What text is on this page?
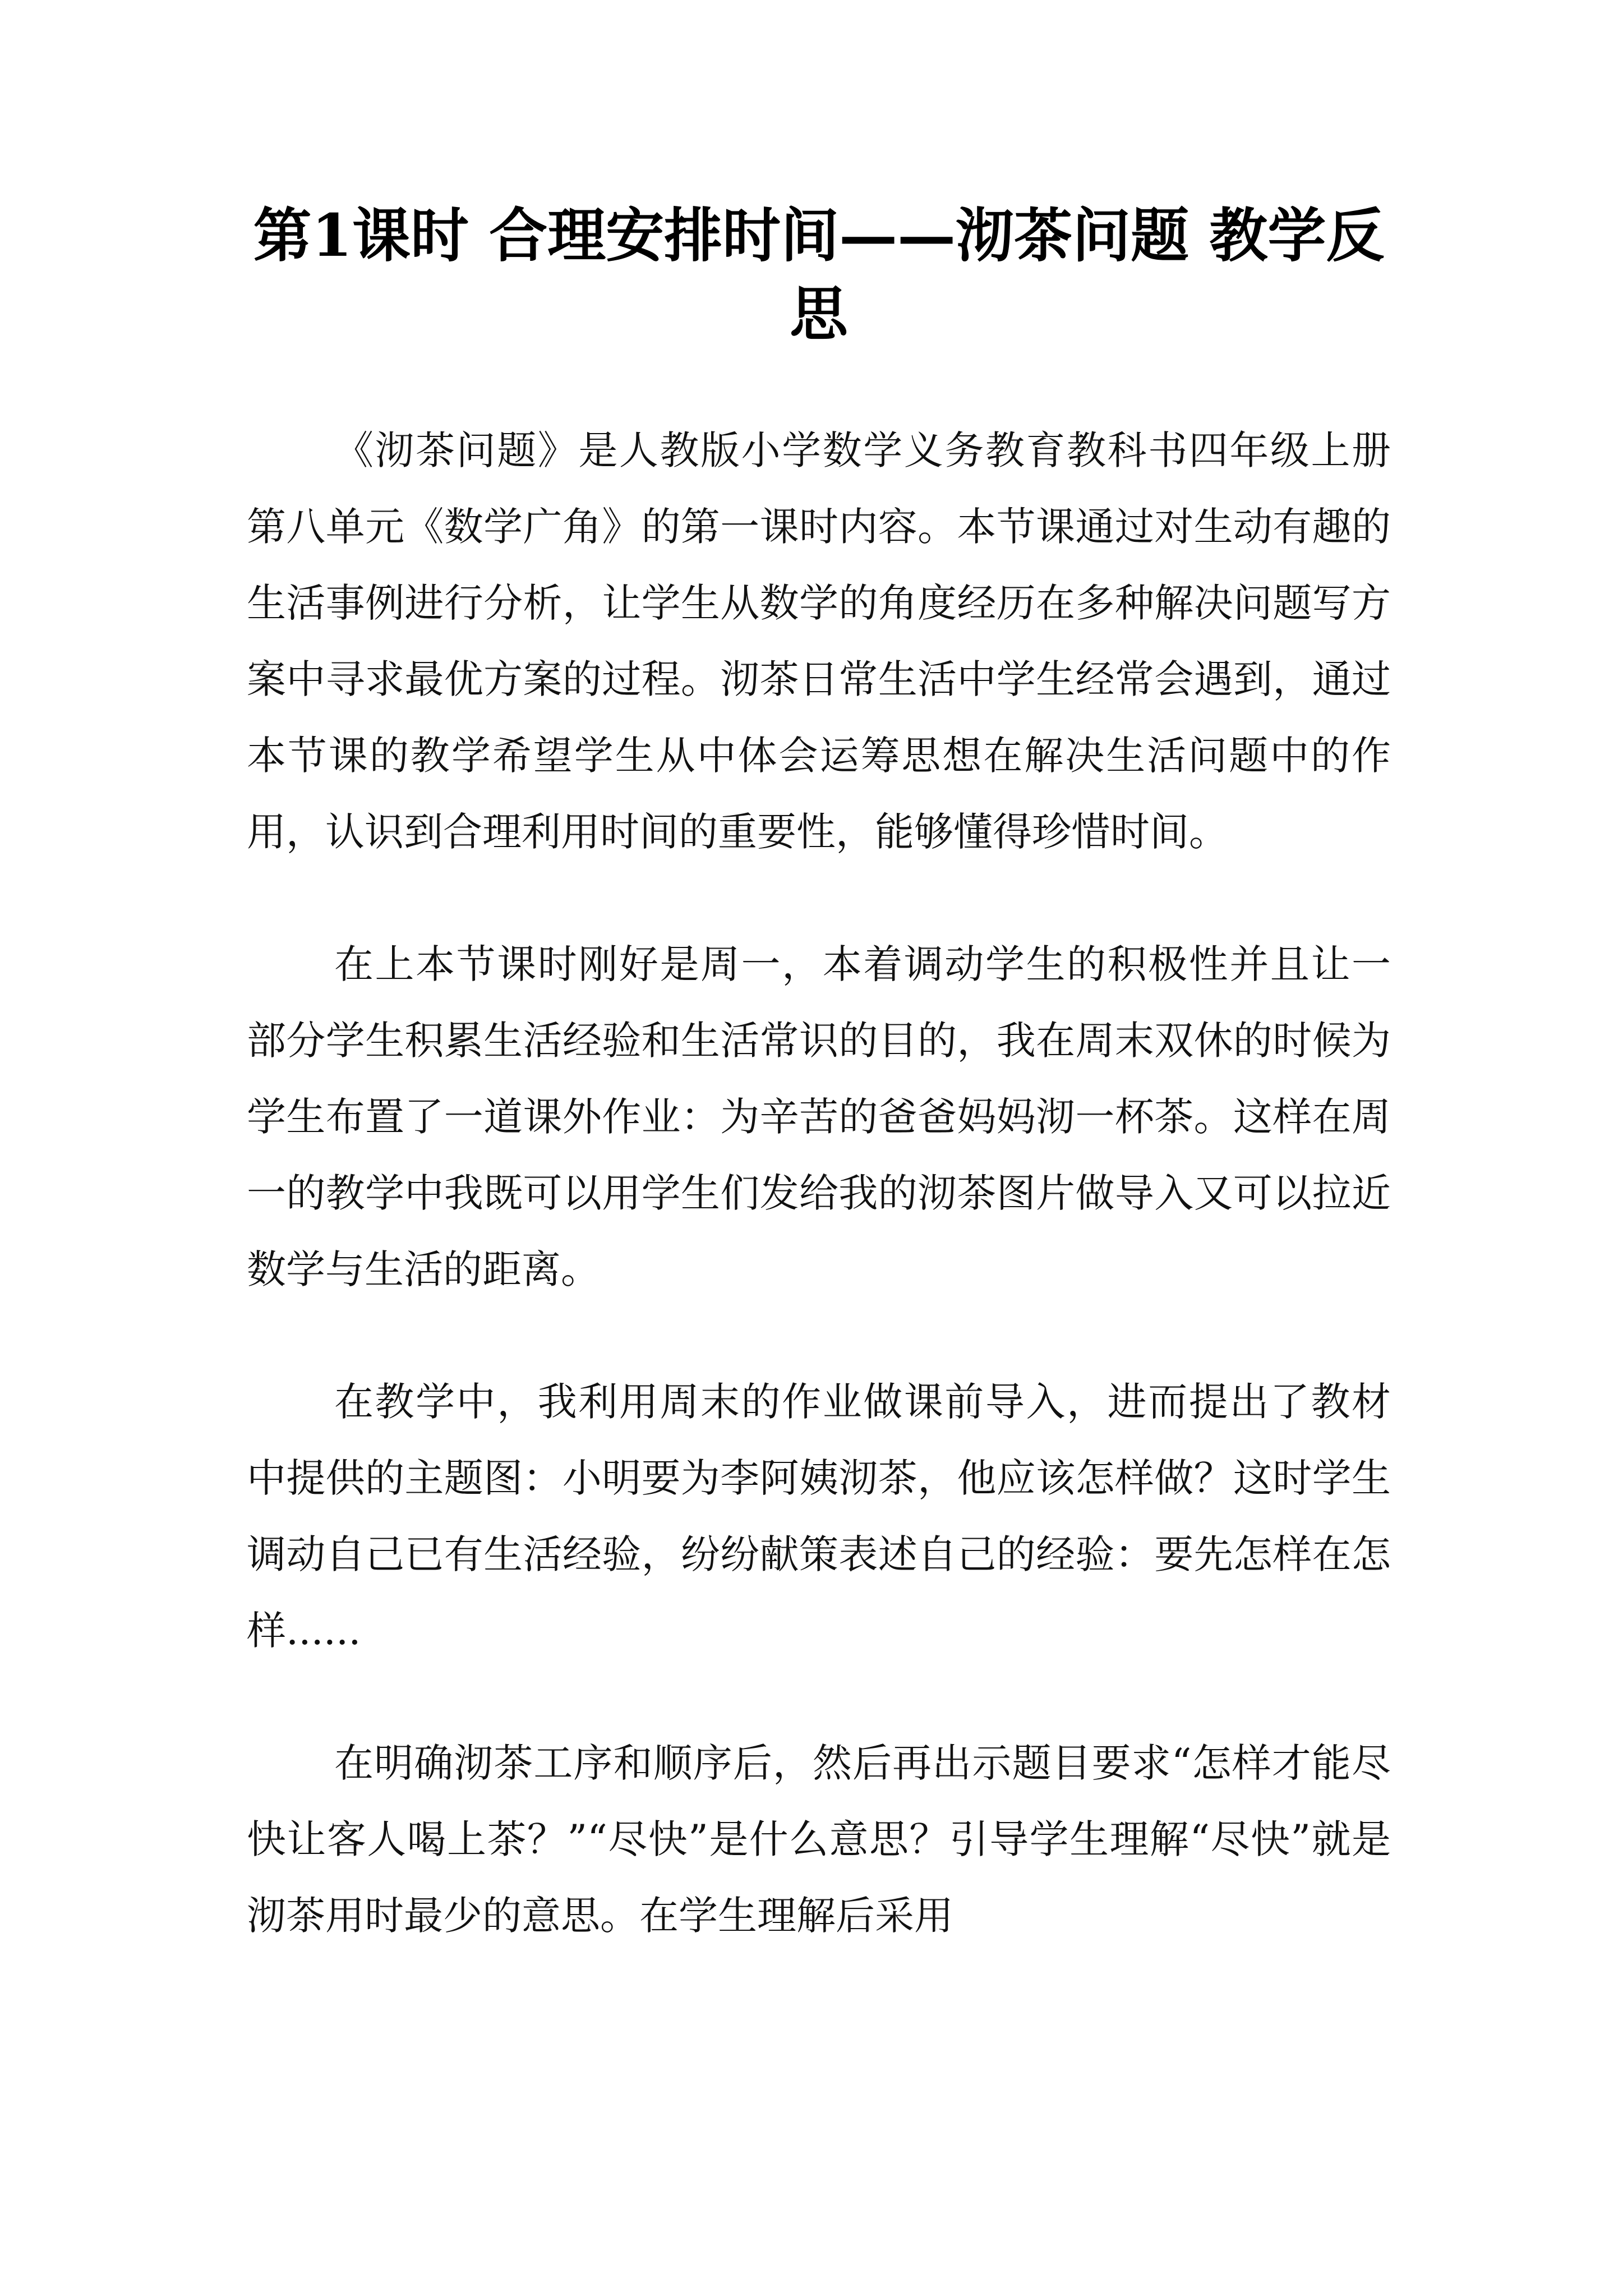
第1课时 合理安排时间——沏茶问题 教学反思

《沏茶问题》是人教版小学数学义务教育教科书四年级上册第八单元《数学广角》的第一课时内容。本节课通过对生动有趣的生活事例进行分析，让学生从数学的角度经历在多种解决问题写方案中寻求最优方案的过程。沏茶日常生活中学生经常会遇到，通过本节课的教学希望学生从中体会运筹思想在解决生活问题中的作用，认识到合理利用时间的重要性，能够懂得珍惜时间。

在上本节课时刚好是周一，本着调动学生的积极性并且让一部分学生积累生活经验和生活常识的目的，我在周末双休的时候为学生布置了一道课外作业：为辛苦的爸爸妈妈沏一杯茶。这样在周一的教学中我既可以用学生们发给我的沏茶图片做导入又可以拉近数学与生活的距离。

在教学中，我利用周末的作业做课前导入，进而提出了教材中提供的主题图：小明要为李阿姨沏茶，他应该怎样做？这时学生调动自己已有生活经验，纷纷献策表述自己的经验：要先怎样在怎样......

在明确沏茶工序和顺序后，然后再出示题目要求“怎样才能尽快让客人喝上茶？”“尽快”是什么意思？引导学生理解“尽快”就是沏茶用时最少的意思。在学生理解后采用
